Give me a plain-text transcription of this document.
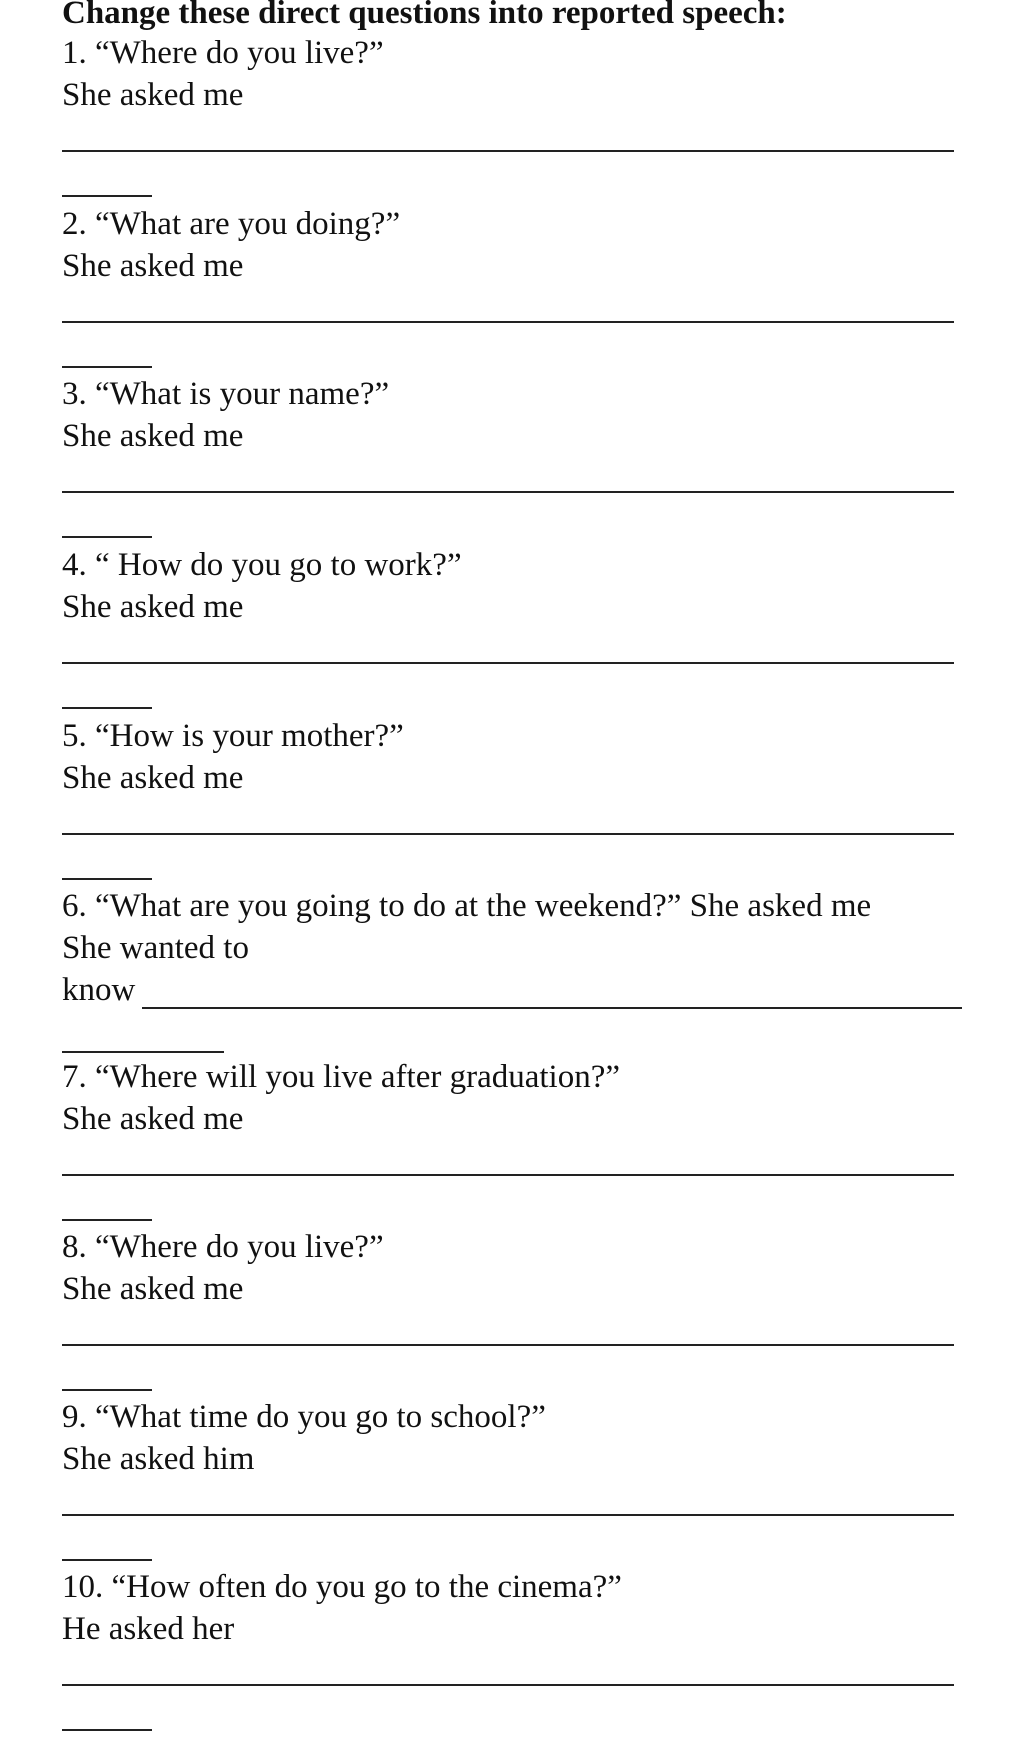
Change these direct questions into reported speech:
1. “Where do you live?”
She asked me
2. “What are you doing?”
She asked me
3. “What is your name?”
She asked me
4. “ How do you go to work?”
She asked me
5. “How is your mother?”
She asked me
6. “What are you going to do at the weekend?” She asked me
She wanted to
know
7. “Where will you live after graduation?”
She asked me
8. “Where do you live?”
She asked me
9. “What time do you go to school?”
She asked him
10. “How often do you go to the cinema?”
He asked her
